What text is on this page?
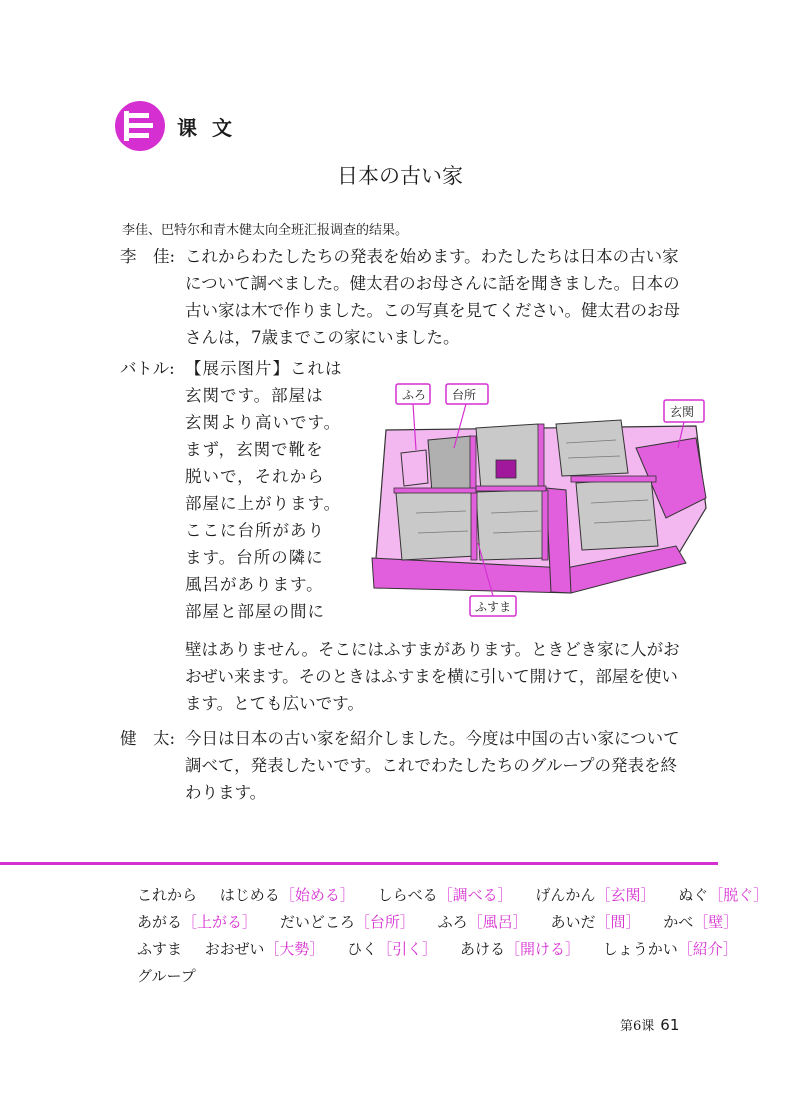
课 文
日本の古い家
李佳、巴特尔和青木健太向全班汇报调查的结果。
李　佳: これからわたしたちの発表を始めます。わたしたちは日本の古い家
について調べました。健太君のお母さんに話を聞きました。日本の
古い家は木で作りました。この写真を見てください。健太君のお母
さんは，7歳までこの家にいました。
バトル: 【展示图片】これは
玄関です。部屋は
玄関より高いです。
まず，玄関で靴を
脱いで，それから
部屋に上がります。
ここに台所があり
ます。台所の隣に
風呂があります。
部屋と部屋の間に
壁はありません。そこにはふすまがあります。ときどき家に人がお
おぜい来ます。そのときはふすまを横に引いて開けて，部屋を使い
ます。とても広いです。
健　太: 今日は日本の古い家を紹介しました。今度は中国の古い家について
調べて，発表したいです。これでわたしたちのグループの発表を終
わります。
ふろ 台所
玄関
ふすま
これから はじめる［始める］ しらべる［調べる］ げんかん［玄関］ ぬぐ［脱ぐ］
あがる［上がる］ だいどころ［台所］ ふろ［風呂］ あいだ［間］ かべ［壁］
ふすま おおぜい［大勢］ ひく［引く］ あける［開ける］ しょうかい［紹介］
グループ
第6课 61
